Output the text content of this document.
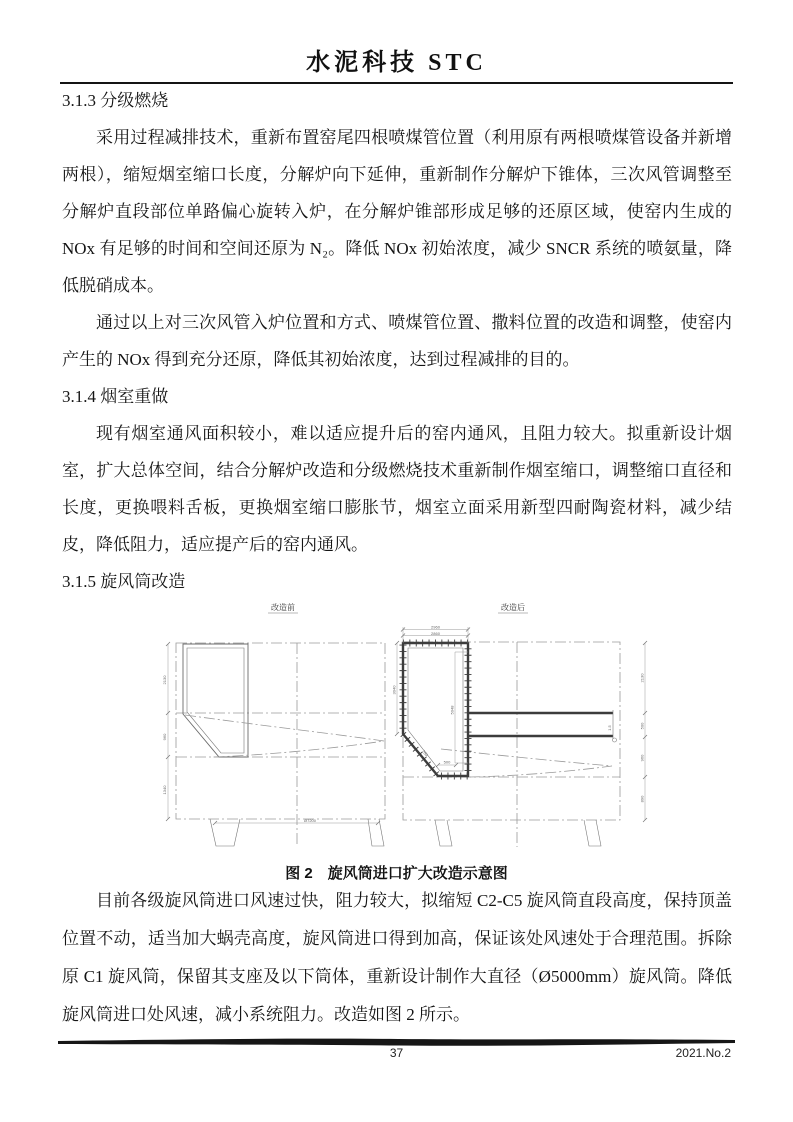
水泥科技 STC
3.1.3 分级燃烧

采用过程减排技术，重新布置窑尾四根喷煤管位置（利用原有两根喷煤管设备并新增两根），缩短烟室缩口长度，分解炉向下延伸，重新制作分解炉下锥体，三次风管调整至分解炉直段部位单路偏心旋转入炉，在分解炉锥部形成足够的还原区域，使窑内生成的 NOx 有足够的时间和空间还原为 N₂。降低 NOx 初始浓度，减少 SNCR 系统的喷氨量，降低脱硝成本。

通过以上对三次风管入炉位置和方式、喷煤管位置、撒料位置的改造和调整，使窑内产生的 NOx 得到充分还原，降低其初始浓度，达到过程减排的目的。

3.1.4 烟室重做

现有烟室通风面积较小，难以适应提升后的窑内通风，且阻力较大。拟重新设计烟室，扩大总体空间，结合分解炉改造和分级燃烧技术重新制作烟室缩口，调整缩口直径和长度，更换喂料舌板，更换烟室缩口膨胀节，烟室立面采用新型四耐陶瓷材料，减少结皮，降低阻力，适应提产后的窑内通风。

3.1.5 旋风筒改造
改造前
Ø7200
2130
960
1340
改造后
1.5
5048
2960
2860
3040
780
500
2130
500
960
890
图 2　旋风筒进口扩大改造示意图
目前各级旋风筒进口风速过快，阻力较大，拟缩短 C2-C5 旋风筒直段高度，保持顶盖位置不动，适当加大蜗壳高度，旋风筒进口得到加高，保证该处风速处于合理范围。拆除原 C1 旋风筒，保留其支座及以下筒体，重新设计制作大直径（Ø5000mm）旋风筒。降低旋风筒进口处风速，减小系统阻力。改造如图 2 所示。
37	2021.No.2
